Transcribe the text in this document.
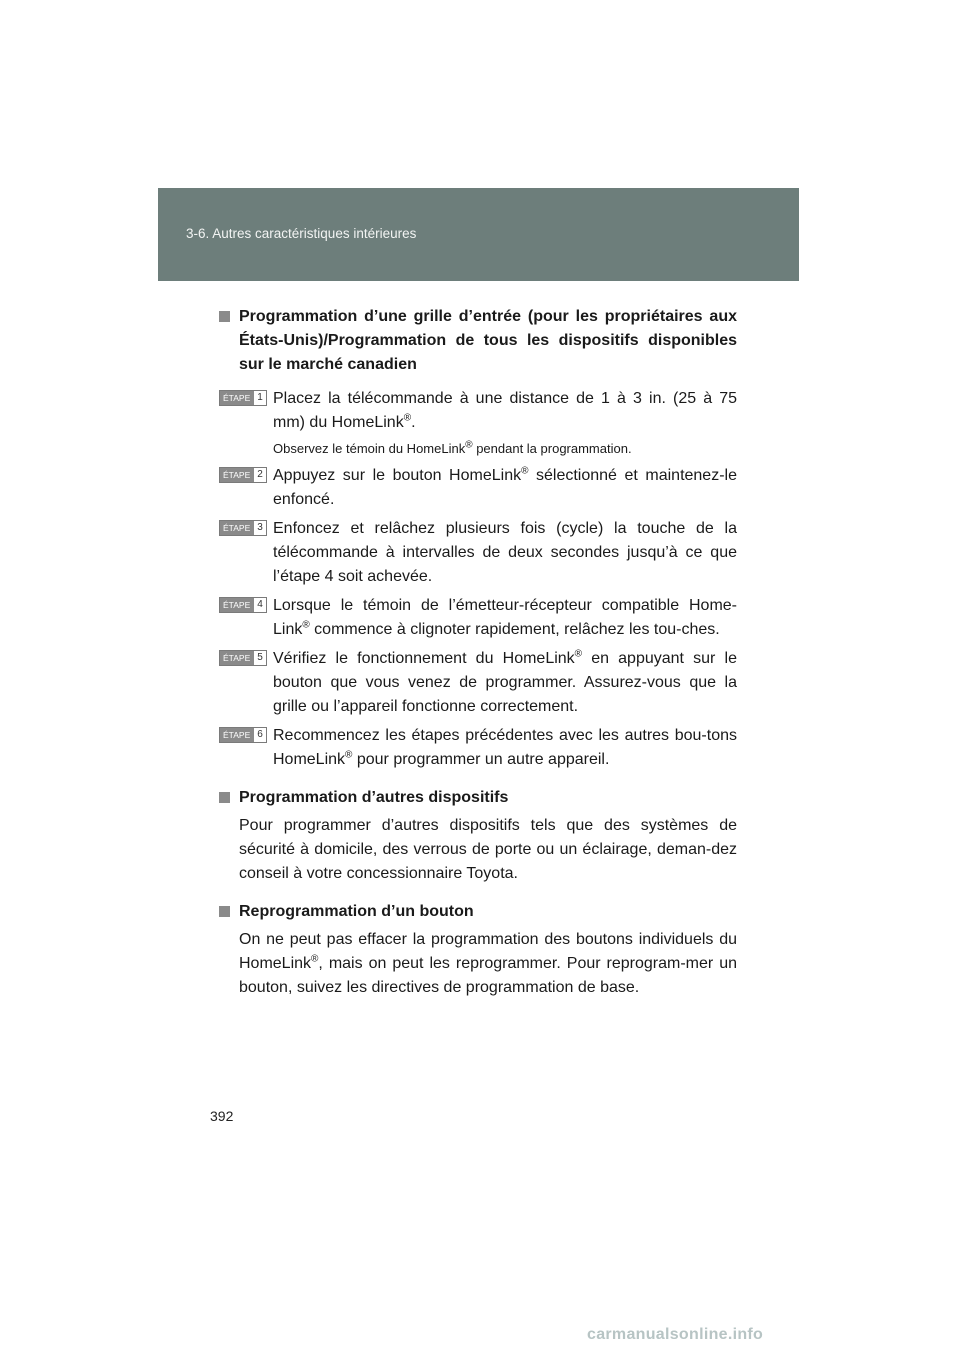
3-6. Autres caractéristiques intérieures
Programmation d’une grille d’entrée (pour les propriétaires aux États-Unis)/Programmation de tous les dispositifs disponibles sur le marché canadien
ÉTAPE 1 Placez la télécommande à une distance de 1 à 3 in. (25 à 75 mm) du HomeLink®.
Observez le témoin du HomeLink® pendant la programmation.
ÉTAPE 2 Appuyez sur le bouton HomeLink® sélectionné et maintenez-le enfoncé.
ÉTAPE 3 Enfoncez et relâchez plusieurs fois (cycle) la touche de la télécommande à intervalles de deux secondes jusqu’à ce que l’étape 4 soit achevée.
ÉTAPE 4 Lorsque le témoin de l’émetteur-récepteur compatible Home-Link® commence à clignoter rapidement, relâchez les tou-ches.
ÉTAPE 5 Vérifiez le fonctionnement du HomeLink® en appuyant sur le bouton que vous venez de programmer. Assurez-vous que la grille ou l’appareil fonctionne correctement.
ÉTAPE 6 Recommencez les étapes précédentes avec les autres bou-tons HomeLink® pour programmer un autre appareil.
Programmation d’autres dispositifs
Pour programmer d’autres dispositifs tels que des systèmes de sécurité à domicile, des verrous de porte ou un éclairage, deman-dez conseil à votre concessionnaire Toyota.
Reprogrammation d’un bouton
On ne peut pas effacer la programmation des boutons individuels du HomeLink®, mais on peut les reprogrammer. Pour reprogram-mer un bouton, suivez les directives de programmation de base.
392
carmanualsonline.info
